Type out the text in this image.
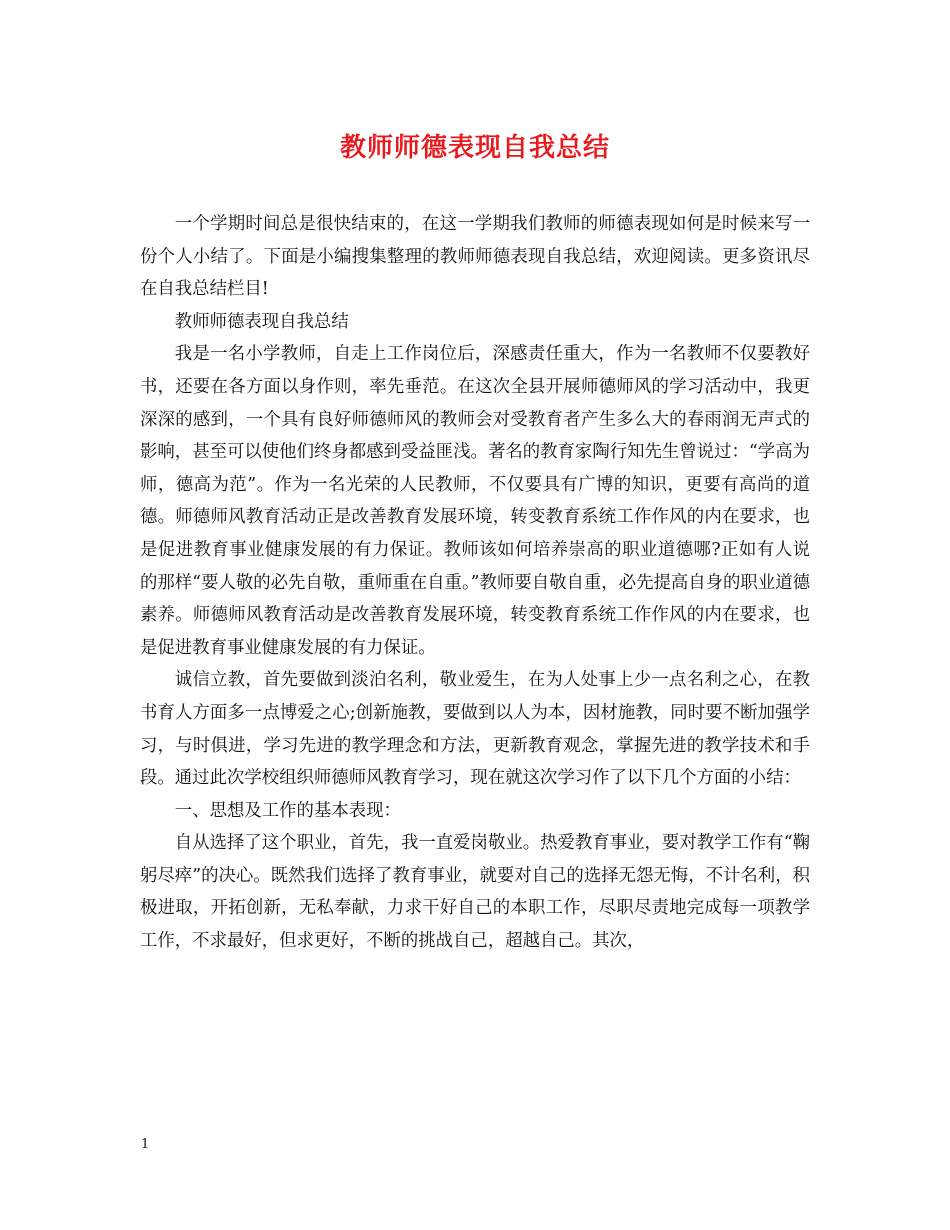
教师师德表现自我总结

一个学期时间总是很快结束的，在这一学期我们教师的师德表现如何是时候来写一份个人小结了。下面是小编搜集整理的教师师德表现自我总结，欢迎阅读。更多资讯尽在自我总结栏目!

教师师德表现自我总结

我是一名小学教师，自走上工作岗位后，深感责任重大，作为一名教师不仅要教好书，还要在各方面以身作则，率先垂范。在这次全县开展师德师风的学习活动中，我更深深的感到，一个具有良好师德师风的教师会对受教育者产生多么大的春雨润无声式的影响，甚至可以使他们终身都感到受益匪浅。著名的教育家陶行知先生曾说过：“学高为师，德高为范”。作为一名光荣的人民教师，不仅要具有广博的知识，更要有高尚的道德。师德师风教育活动正是改善教育发展环境，转变教育系统工作作风的内在要求，也是促进教育事业健康发展的有力保证。教师该如何培养崇高的职业道德哪?正如有人说的那样“要人敬的必先自敬，重师重在自重。”教师要自敬自重，必先提高自身的职业道德素养。师德师风教育活动是改善教育发展环境，转变教育系统工作作风的内在要求，也是促进教育事业健康发展的有力保证。

诚信立教，首先要做到淡泊名利，敬业爱生，在为人处事上少一点名利之心，在教书育人方面多一点博爱之心;创新施教，要做到以人为本，因材施教，同时要不断加强学习，与时俱进，学习先进的教学理念和方法，更新教育观念，掌握先进的教学技术和手段。通过此次学校组织师德师风教育学习，现在就这次学习作了以下几个方面的小结：

一、思想及工作的基本表现：

自从选择了这个职业，首先，我一直爱岗敬业。热爱教育事业，要对教学工作有“鞠躬尽瘁”的决心。既然我们选择了教育事业，就要对自己的选择无怨无悔，不计名利，积极进取，开拓创新，无私奉献，力求干好自己的本职工作，尽职尽责地完成每一项教学工作，不求最好，但求更好，不断的挑战自己，超越自己。其次，

1
